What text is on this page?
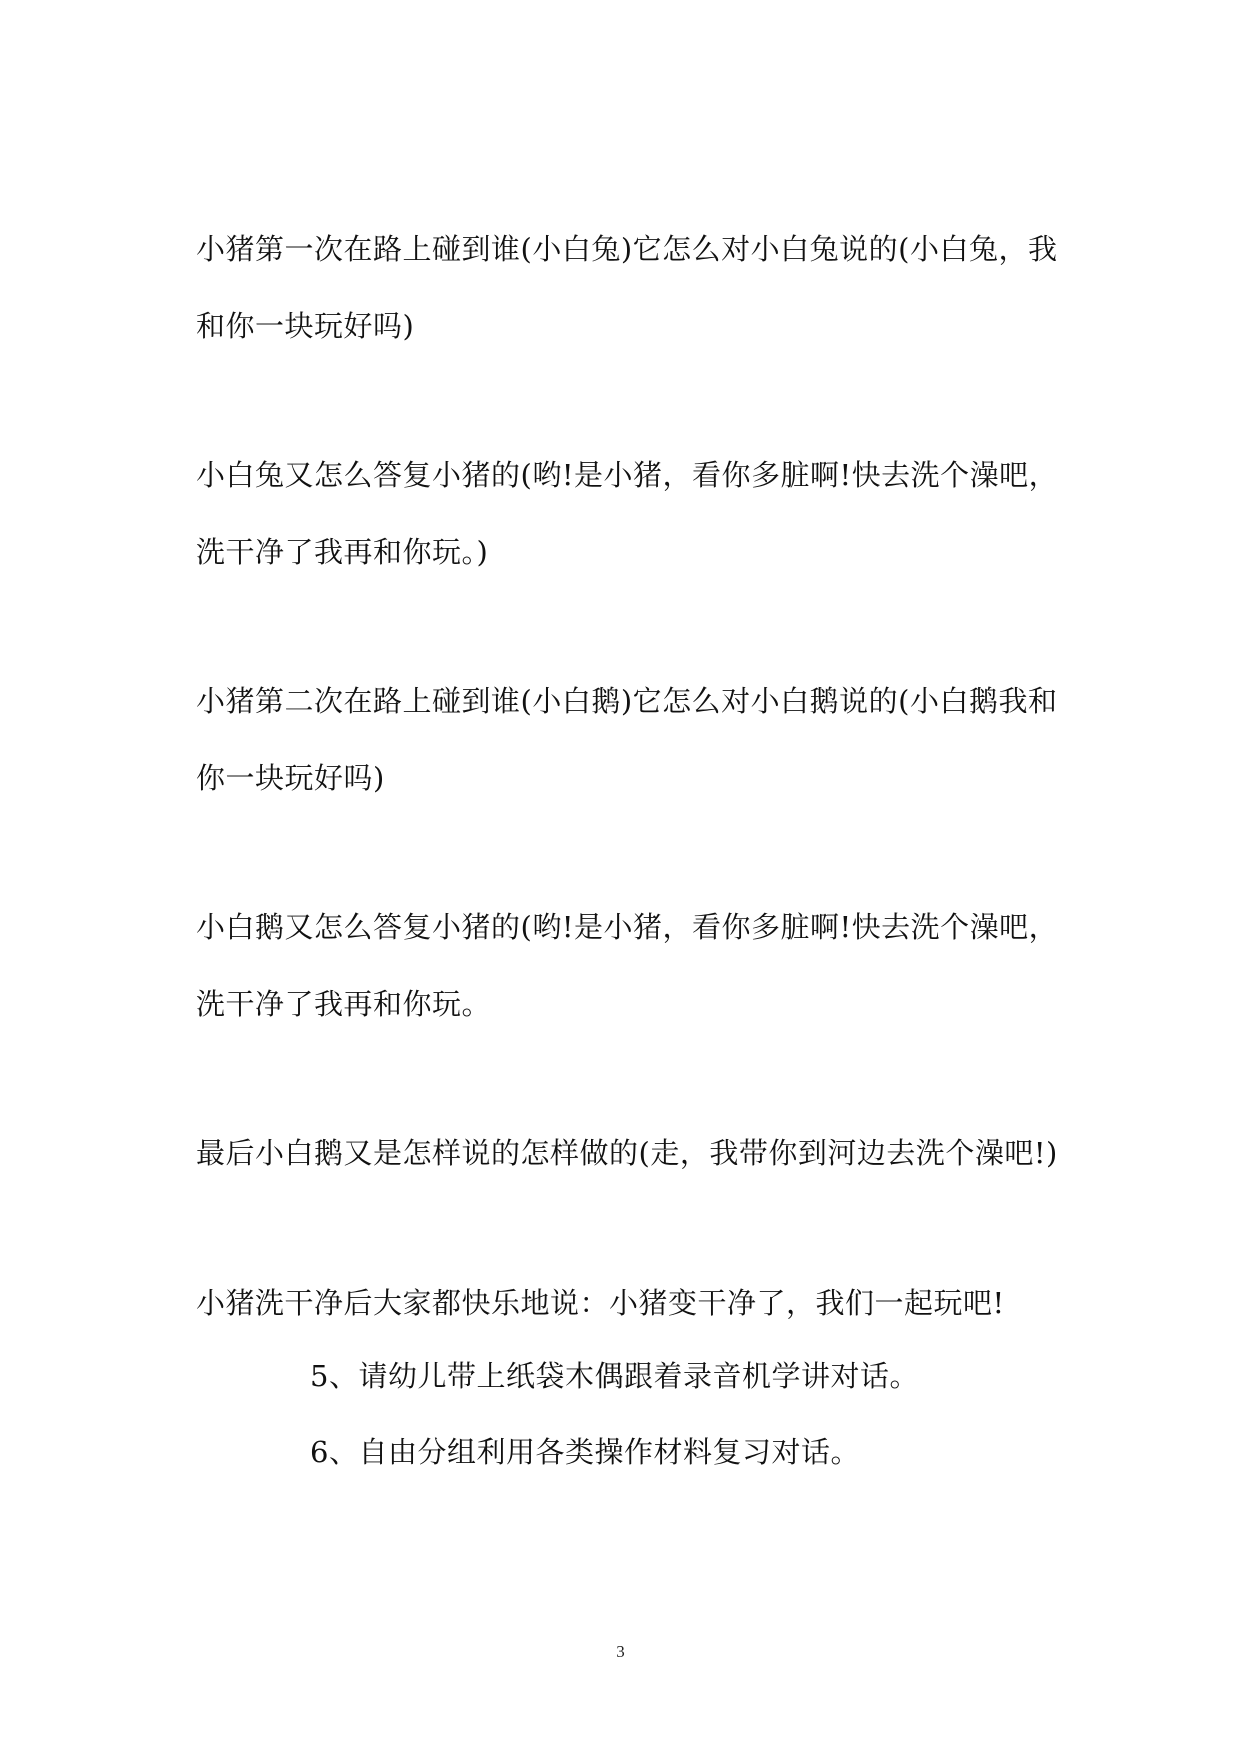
小猪第一次在路上碰到谁(小白兔)它怎么对小白兔说的(小白兔，我
和你一块玩好吗)
小白兔又怎么答复小猪的(哟!是小猪，看你多脏啊!快去洗个澡吧，
洗干净了我再和你玩。)
小猪第二次在路上碰到谁(小白鹅)它怎么对小白鹅说的(小白鹅我和
你一块玩好吗)
小白鹅又怎么答复小猪的(哟!是小猪，看你多脏啊!快去洗个澡吧，
洗干净了我再和你玩。
最后小白鹅又是怎样说的怎样做的(走，我带你到河边去洗个澡吧!)
小猪洗干净后大家都快乐地说：小猪变干净了，我们一起玩吧!
5、请幼儿带上纸袋木偶跟着录音机学讲对话。
6、自由分组利用各类操作材料复习对话。
3
